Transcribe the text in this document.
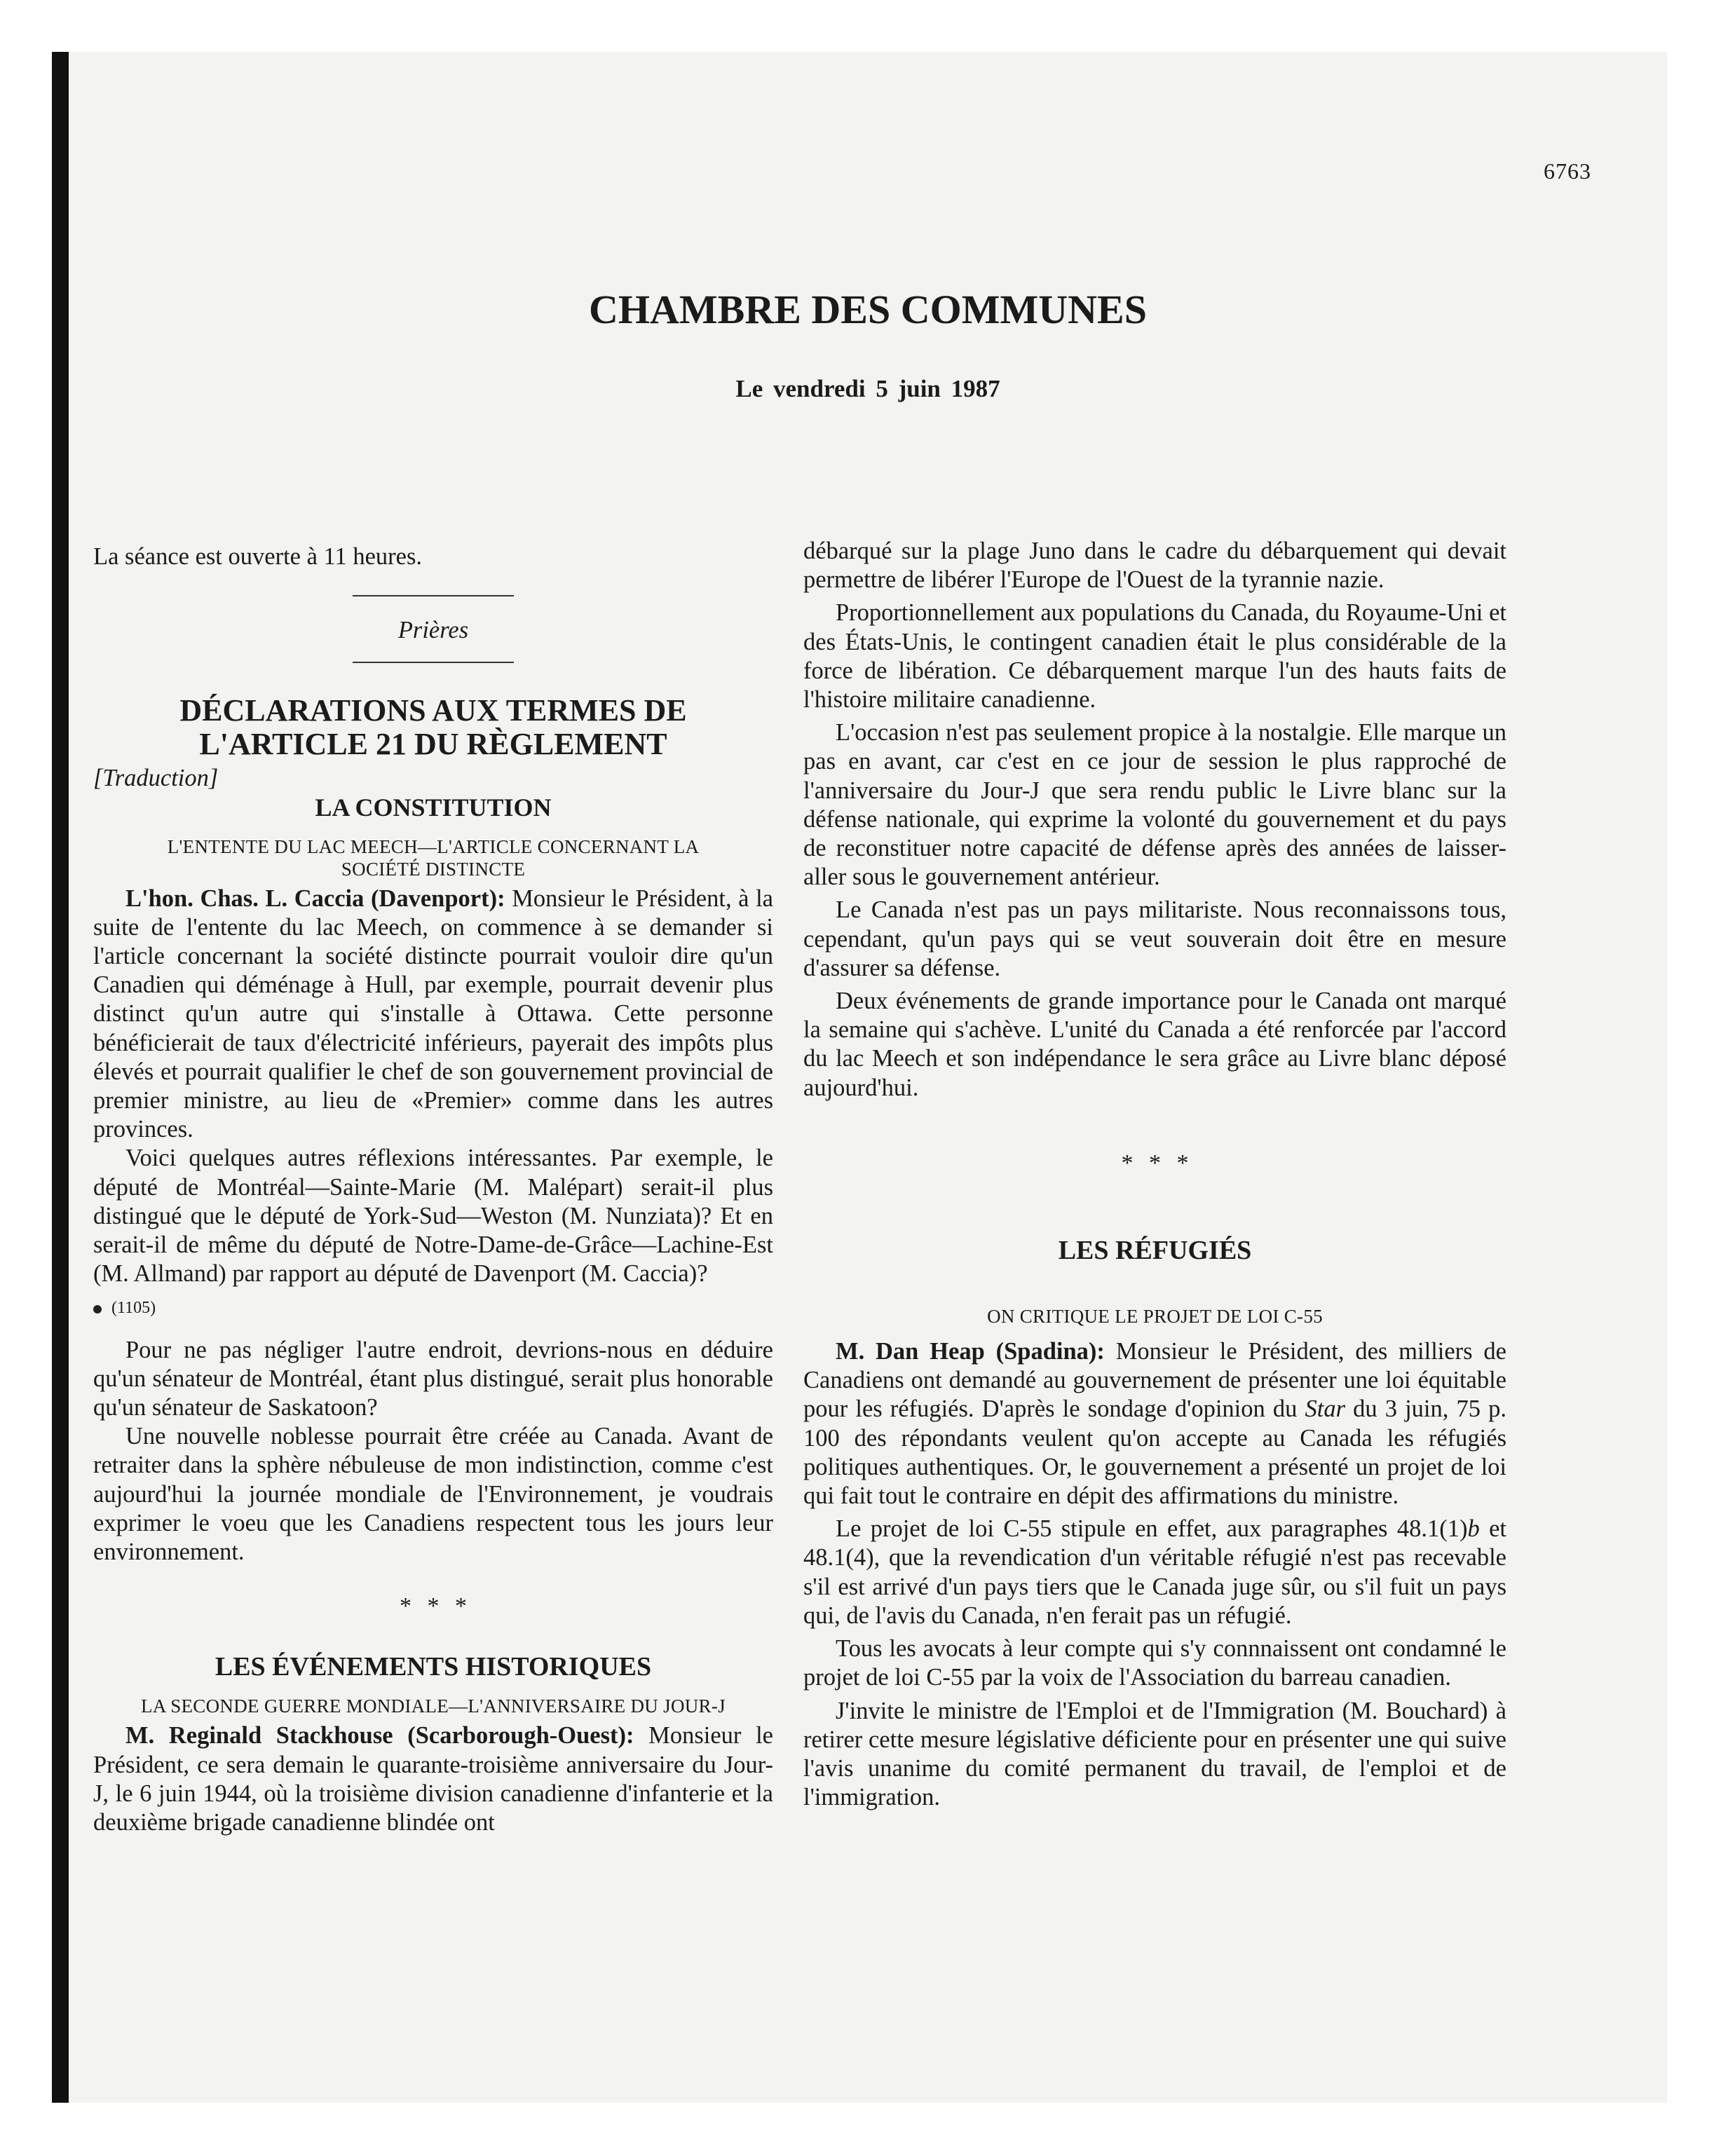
6763
CHAMBRE DES COMMUNES
Le vendredi 5 juin 1987

La séance est ouverte à 11 heures.

Prières
DÉCLARATIONS AUX TERMES DE
L'ARTICLE 21 DU RÈGLEMENT
[Traduction]
LA CONSTITUTION
L'ENTENTE DU LAC MEECH—L'ARTICLE CONCERNANT LA
SOCIÉTÉ DISTINCTE

L'hon. Chas. L. Caccia (Davenport): Monsieur le Président, à la suite de l'entente du lac Meech, on commence à se demander si l'article concernant la société distincte pourrait vouloir dire qu'un Canadien qui déménage à Hull, par exemple, pourrait devenir plus distinct qu'un autre qui s'installe à Ottawa. Cette personne bénéficierait de taux d'électricité inférieurs, payerait des impôts plus élevés et pourrait qualifier le chef de son gouvernement provincial de premier ministre, au lieu de «Premier» comme dans les autres provinces.

Voici quelques autres réflexions intéressantes. Par exemple, le député de Montréal—Sainte-Marie (M. Malépart) serait-il plus distingué que le député de York-Sud—Weston (M. Nunziata)? Et en serait-il de même du député de Notre-Dame-de-Grâce—Lachine-Est (M. Allmand) par rapport au député de Davenport (M. Caccia)?

(1105)

Pour ne pas négliger l'autre endroit, devrions-nous en déduire qu'un sénateur de Montréal, étant plus distingué, serait plus honorable qu'un sénateur de Saskatoon?

Une nouvelle noblesse pourrait être créée au Canada. Avant de retraiter dans la sphère nébuleuse de mon indistinction, comme c'est aujourd'hui la journée mondiale de l'Environnement, je voudrais exprimer le voeu que les Canadiens respectent tous les jours leur environnement.

* * *
LES ÉVÉNEMENTS HISTORIQUES
LA SECONDE GUERRE MONDIALE—L'ANNIVERSAIRE DU JOUR-J

M. Reginald Stackhouse (Scarborough-Ouest): Monsieur le Président, ce sera demain le quarante-troisième anniversaire du Jour-J, le 6 juin 1944, où la troisième division canadienne d'infanterie et la deuxième brigade canadienne blindée ont

débarqué sur la plage Juno dans le cadre du débarquement qui devait permettre de libérer l'Europe de l'Ouest de la tyrannie nazie.

Proportionnellement aux populations du Canada, du Royaume-Uni et des États-Unis, le contingent canadien était le plus considérable de la force de libération. Ce débarquement marque l'un des hauts faits de l'histoire militaire canadienne.

L'occasion n'est pas seulement propice à la nostalgie. Elle marque un pas en avant, car c'est en ce jour de session le plus rapproché de l'anniversaire du Jour-J que sera rendu public le Livre blanc sur la défense nationale, qui exprime la volonté du gouvernement et du pays de reconstituer notre capacité de défense après des années de laisser-aller sous le gouvernement antérieur.

Le Canada n'est pas un pays militariste. Nous reconnaissons tous, cependant, qu'un pays qui se veut souverain doit être en mesure d'assurer sa défense.

Deux événements de grande importance pour le Canada ont marqué la semaine qui s'achève. L'unité du Canada a été renforcée par l'accord du lac Meech et son indépendance le sera grâce au Livre blanc déposé aujourd'hui.

* * *
LES RÉFUGIÉS
ON CRITIQUE LE PROJET DE LOI C-55

M. Dan Heap (Spadina): Monsieur le Président, des milliers de Canadiens ont demandé au gouvernement de présenter une loi équitable pour les réfugiés. D'après le sondage d'opinion du Star du 3 juin, 75 p. 100 des répondants veulent qu'on accepte au Canada les réfugiés politiques authentiques. Or, le gouvernement a présenté un projet de loi qui fait tout le contraire en dépit des affirmations du ministre.

Le projet de loi C-55 stipule en effet, aux paragraphes 48.1(1)b et 48.1(4), que la revendication d'un véritable réfugié n'est pas recevable s'il est arrivé d'un pays tiers que le Canada juge sûr, ou s'il fuit un pays qui, de l'avis du Canada, n'en ferait pas un réfugié.

Tous les avocats à leur compte qui s'y connnaissent ont condamné le projet de loi C-55 par la voix de l'Association du barreau canadien.

J'invite le ministre de l'Emploi et de l'Immigration (M. Bouchard) à retirer cette mesure législative déficiente pour en présenter une qui suive l'avis unanime du comité permanent du travail, de l'emploi et de l'immigration.
